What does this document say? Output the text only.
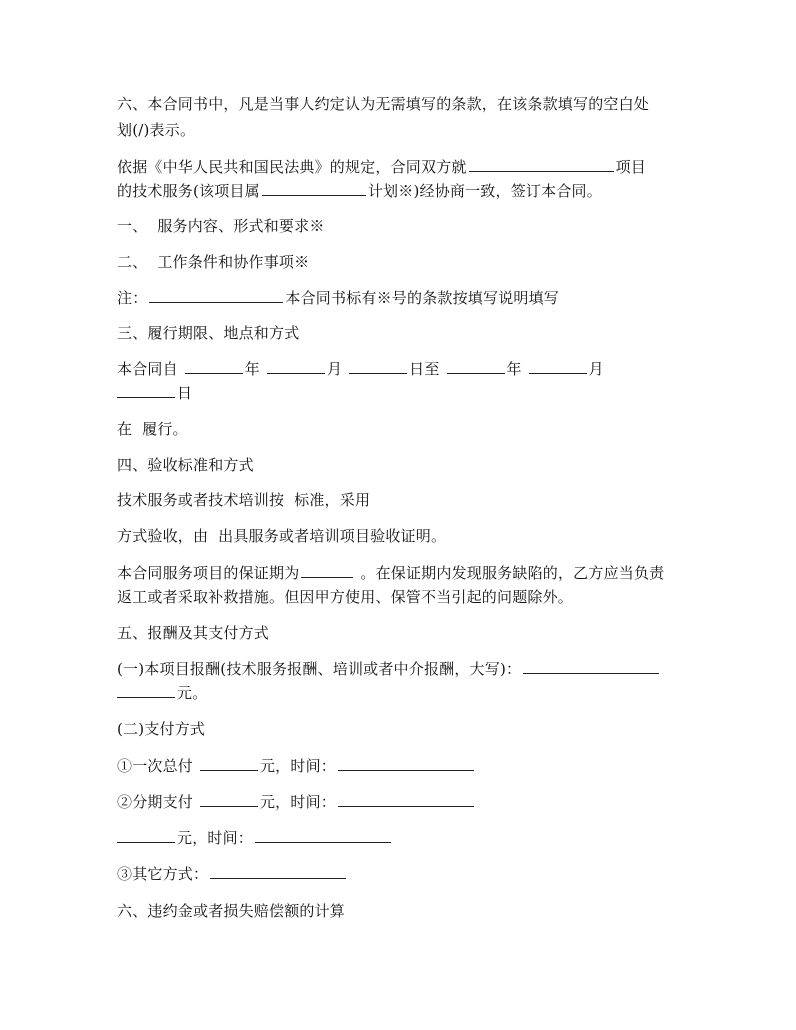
六、本合同书中，凡是当事人约定认为无需填写的条款，在该条款填写的空白处
划(/)表示。
依据《中华人民共和国民法典》的规定，合同双方就	项目
的技术服务(该项目属	计划※)经协商一致，签订本合同。
一、  服务内容、形式和要求※
二、  工作条件和协作事项※
注：	本合同书标有※号的条款按填写说明填写
三、履行期限、地点和方式
本合同自	年	月	日至	年	月
日
在  履行。
四、验收标准和方式
技术服务或者技术培训按  标准，采用
方式验收，由  出具服务或者培训项目验收证明。
本合同服务项目的保证期为	。在保证期内发现服务缺陷的，乙方应当负责
返工或者采取补救措施。但因甲方使用、保管不当引起的问题除外。
五、报酬及其支付方式
(一)本项目报酬(技术服务报酬、培训或者中介报酬，大写)：
元。
(二)支付方式
①一次总付	元，时间：
②分期支付	元，时间：
元，时间：
③其它方式：
六、违约金或者损失赔偿额的计算
